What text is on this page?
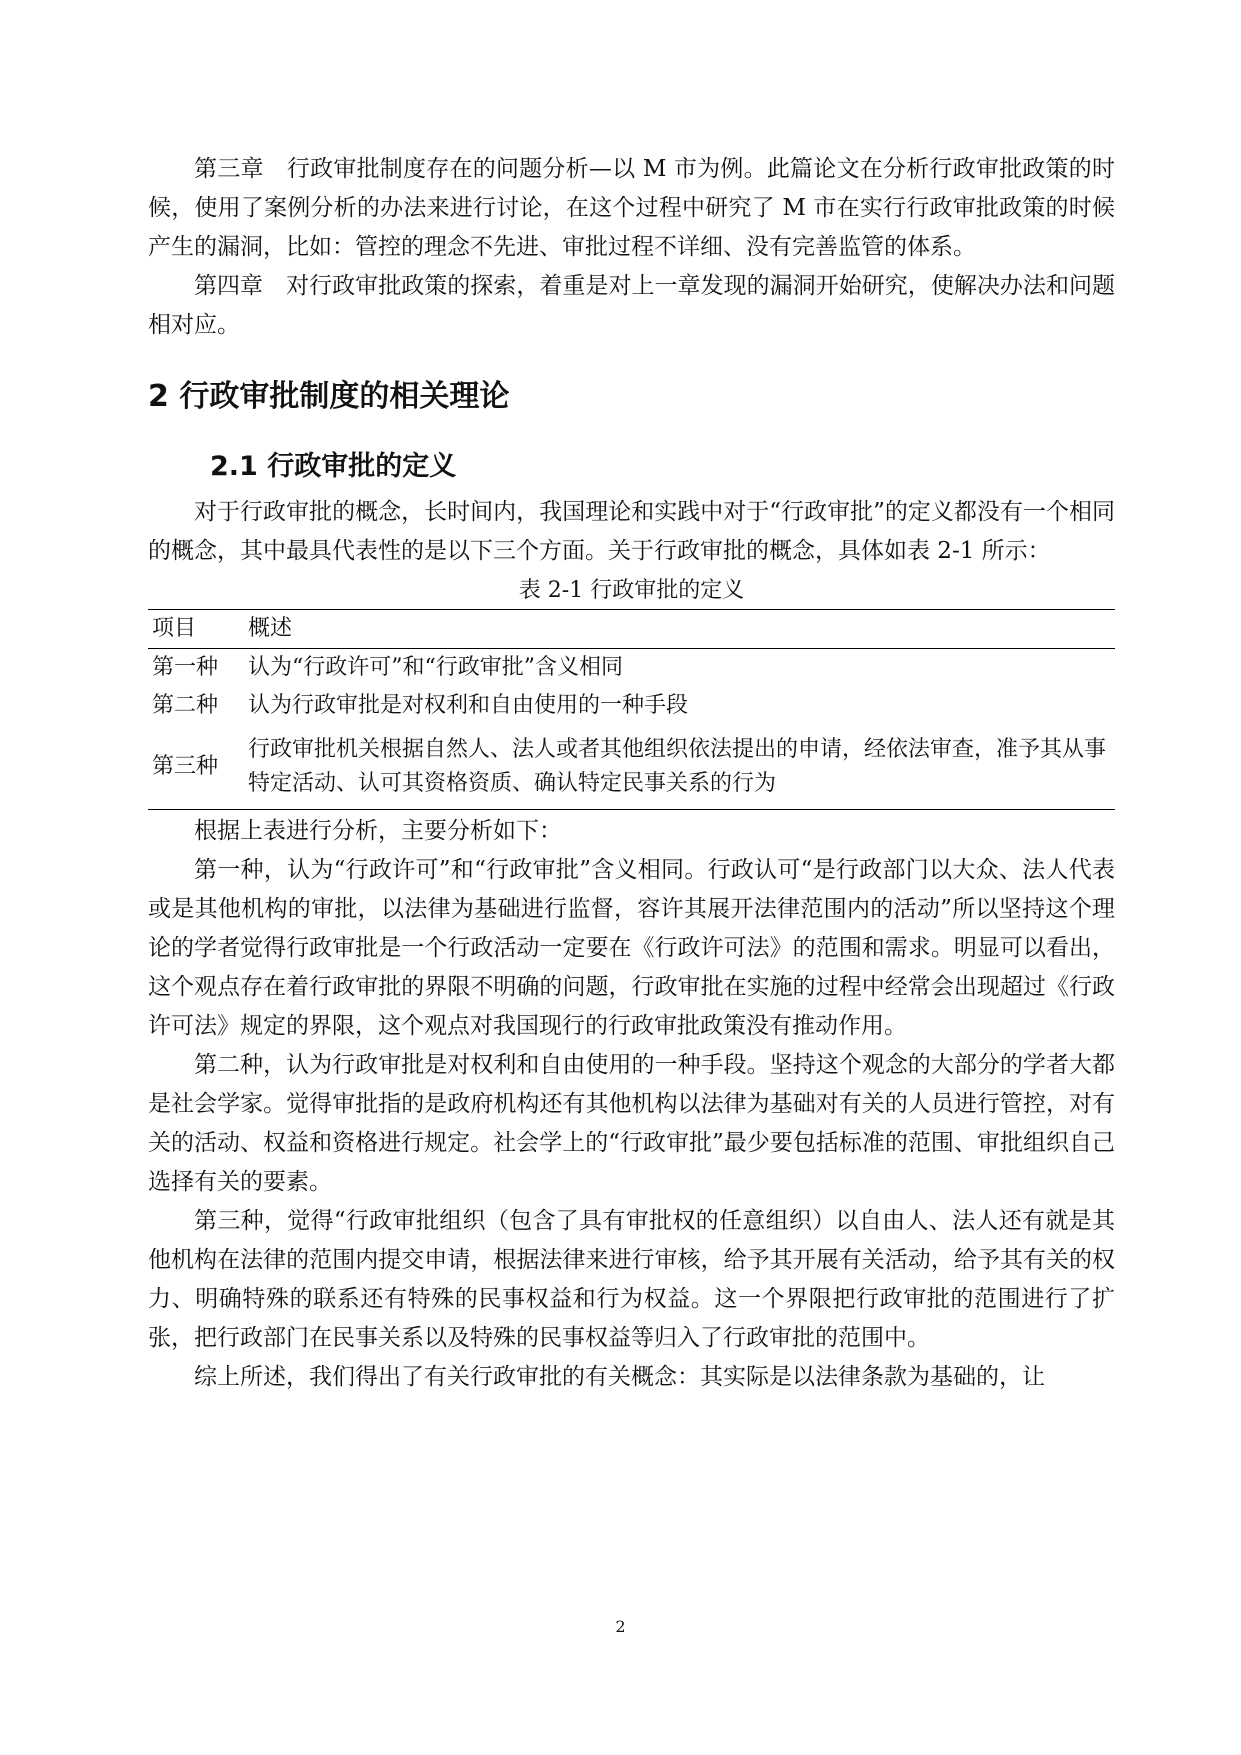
第三章　行政审批制度存在的问题分析—以 M 市为例。此篇论文在分析行政审批政策的时候，使用了案例分析的办法来进行讨论，在这个过程中研究了 M 市在实行行政审批政策的时候产生的漏洞，比如：管控的理念不先进、审批过程不详细、没有完善监管的体系。

第四章　对行政审批政策的探索，着重是对上一章发现的漏洞开始研究，使解决办法和问题相对应。

2 行政审批制度的相关理论
2.1 行政审批的定义

对于行政审批的概念，长时间内，我国理论和实践中对于“行政审批”的定义都没有一个相同的概念，其中最具代表性的是以下三个方面。关于行政审批的概念，具体如表 2-1 所示：

表 2-1 行政审批的定义
项目	概述
第一种	认为“行政许可”和“行政审批”含义相同
第二种	认为行政审批是对权利和自由使用的一种手段
第三种	行政审批机关根据自然人、法人或者其他组织依法提出的申请，经依法审查，准予其从事特定活动、认可其资格资质、确认特定民事关系的行为

根据上表进行分析，主要分析如下：

第一种，认为“行政许可”和“行政审批”含义相同。行政认可“是行政部门以大众、法人代表或是其他机构的审批，以法律为基础进行监督，容许其展开法律范围内的活动”所以坚持这个理论的学者觉得行政审批是一个行政活动一定要在《行政许可法》的范围和需求。明显可以看出，这个观点存在着行政审批的界限不明确的问题，行政审批在实施的过程中经常会出现超过《行政许可法》规定的界限，这个观点对我国现行的行政审批政策没有推动作用。

第二种，认为行政审批是对权利和自由使用的一种手段。坚持这个观念的大部分的学者大都是社会学家。觉得审批指的是政府机构还有其他机构以法律为基础对有关的人员进行管控，对有关的活动、权益和资格进行规定。社会学上的“行政审批”最少要包括标准的范围、审批组织自己选择有关的要素。

第三种，觉得“行政审批组织（包含了具有审批权的任意组织）以自由人、法人还有就是其他机构在法律的范围内提交申请，根据法律来进行审核，给予其开展有关活动，给予其有关的权力、明确特殊的联系还有特殊的民事权益和行为权益。这一个界限把行政审批的范围进行了扩张，把行政部门在民事关系以及特殊的民事权益等归入了行政审批的范围中。

综上所述，我们得出了有关行政审批的有关概念：其实际是以法律条款为基础的，让

2
